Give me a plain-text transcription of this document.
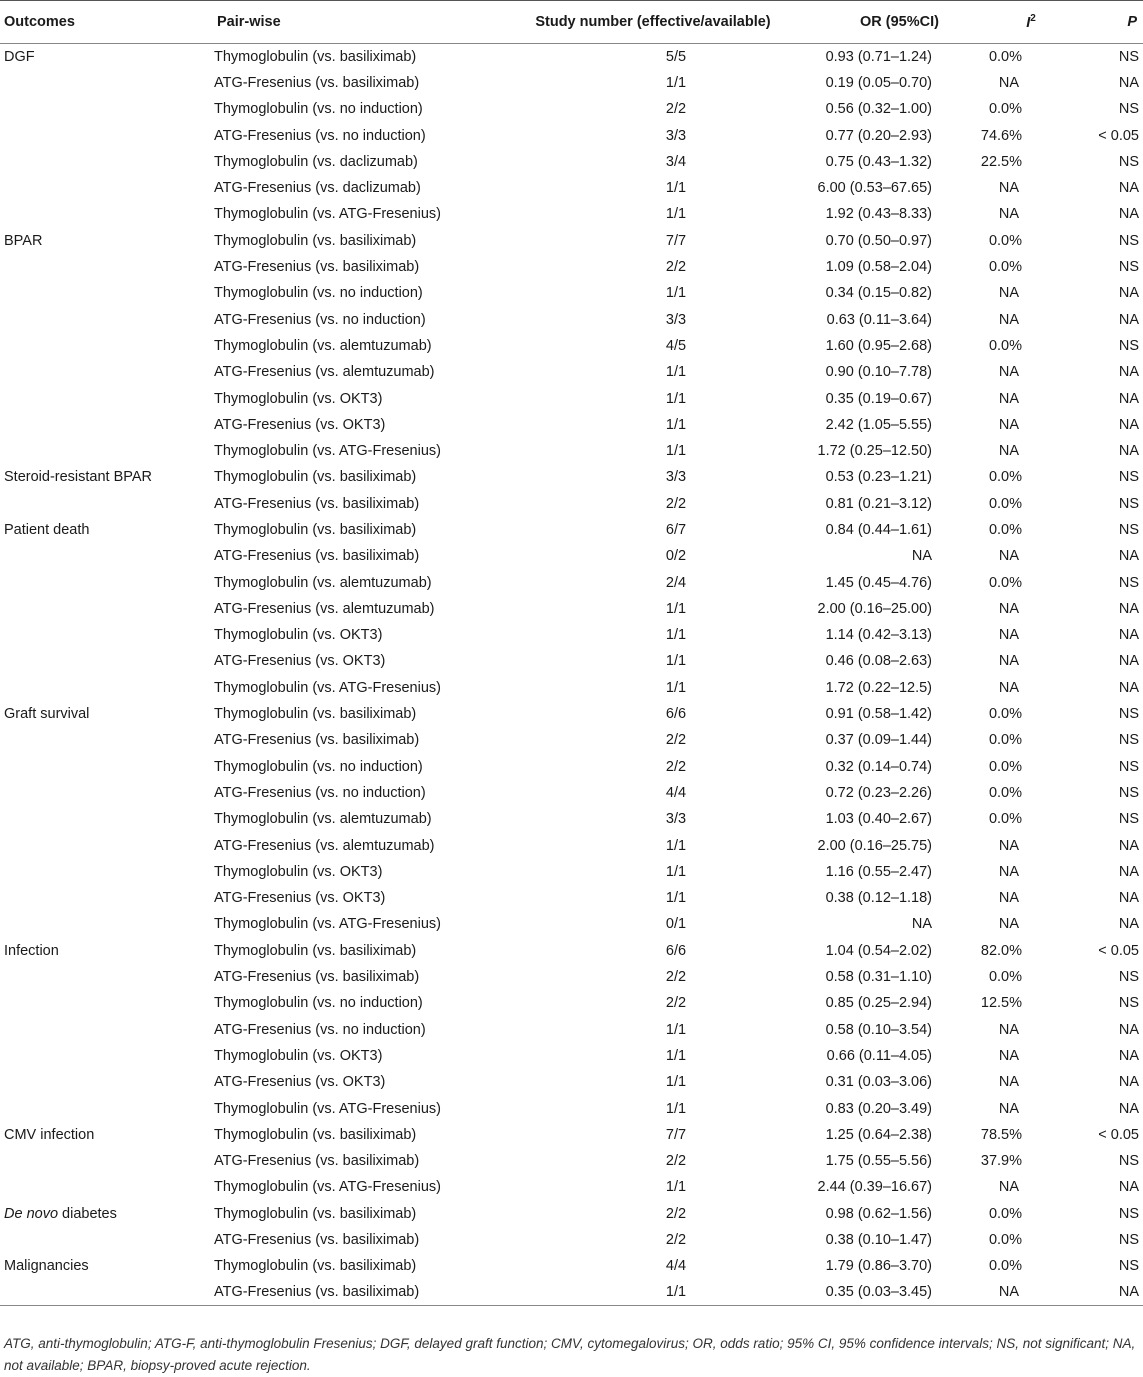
Outcomes	Pair-wise	Study number (effective/available)	OR (95%CI)	$I^2$	P
DGF	Thymoglobulin (vs. basiliximab)	5/5	0.93 (0.71–1.24)	0.0%	NS
	ATG-Fresenius (vs. basiliximab)	1/1	0.19 (0.05–0.70)	NA	NA
	Thymoglobulin (vs. no induction)	2/2	0.56 (0.32–1.00)	0.0%	NS
	ATG-Fresenius (vs. no induction)	3/3	0.77 (0.20–2.93)	74.6%	< 0.05
	Thymoglobulin (vs. daclizumab)	3/4	0.75 (0.43–1.32)	22.5%	NS
	ATG-Fresenius (vs. daclizumab)	1/1	6.00 (0.53–67.65)	NA	NA
	Thymoglobulin (vs. ATG-Fresenius)	1/1	1.92 (0.43–8.33)	NA	NA
BPAR	Thymoglobulin (vs. basiliximab)	7/7	0.70 (0.50–0.97)	0.0%	NS
	ATG-Fresenius (vs. basiliximab)	2/2	1.09 (0.58–2.04)	0.0%	NS
	Thymoglobulin (vs. no induction)	1/1	0.34 (0.15–0.82)	NA	NA
	ATG-Fresenius (vs. no induction)	3/3	0.63 (0.11–3.64)	NA	NA
	Thymoglobulin (vs. alemtuzumab)	4/5	1.60 (0.95–2.68)	0.0%	NS
	ATG-Fresenius (vs. alemtuzumab)	1/1	0.90 (0.10–7.78)	NA	NA
	Thymoglobulin (vs. OKT3)	1/1	0.35 (0.19–0.67)	NA	NA
	ATG-Fresenius (vs. OKT3)	1/1	2.42 (1.05–5.55)	NA	NA
	Thymoglobulin (vs. ATG-Fresenius)	1/1	1.72 (0.25–12.50)	NA	NA
Steroid-resistant BPAR	Thymoglobulin (vs. basiliximab)	3/3	0.53 (0.23–1.21)	0.0%	NS
	ATG-Fresenius (vs. basiliximab)	2/2	0.81 (0.21–3.12)	0.0%	NS
Patient death	Thymoglobulin (vs. basiliximab)	6/7	0.84 (0.44–1.61)	0.0%	NS
	ATG-Fresenius (vs. basiliximab)	0/2	NA	NA	NA
	Thymoglobulin (vs. alemtuzumab)	2/4	1.45 (0.45–4.76)	0.0%	NS
	ATG-Fresenius (vs. alemtuzumab)	1/1	2.00 (0.16–25.00)	NA	NA
	Thymoglobulin (vs. OKT3)	1/1	1.14 (0.42–3.13)	NA	NA
	ATG-Fresenius (vs. OKT3)	1/1	0.46 (0.08–2.63)	NA	NA
	Thymoglobulin (vs. ATG-Fresenius)	1/1	1.72 (0.22–12.5)	NA	NA
Graft survival	Thymoglobulin (vs. basiliximab)	6/6	0.91 (0.58–1.42)	0.0%	NS
	ATG-Fresenius (vs. basiliximab)	2/2	0.37 (0.09–1.44)	0.0%	NS
	Thymoglobulin (vs. no induction)	2/2	0.32 (0.14–0.74)	0.0%	NS
	ATG-Fresenius (vs. no induction)	4/4	0.72 (0.23–2.26)	0.0%	NS
	Thymoglobulin (vs. alemtuzumab)	3/3	1.03 (0.40–2.67)	0.0%	NS
	ATG-Fresenius (vs. alemtuzumab)	1/1	2.00 (0.16–25.75)	NA	NA
	Thymoglobulin (vs. OKT3)	1/1	1.16 (0.55–2.47)	NA	NA
	ATG-Fresenius (vs. OKT3)	1/1	0.38 (0.12–1.18)	NA	NA
	Thymoglobulin (vs. ATG-Fresenius)	0/1	NA	NA	NA
Infection	Thymoglobulin (vs. basiliximab)	6/6	1.04 (0.54–2.02)	82.0%	< 0.05
	ATG-Fresenius (vs. basiliximab)	2/2	0.58 (0.31–1.10)	0.0%	NS
	Thymoglobulin (vs. no induction)	2/2	0.85 (0.25–2.94)	12.5%	NS
	ATG-Fresenius (vs. no induction)	1/1	0.58 (0.10–3.54)	NA	NA
	Thymoglobulin (vs. OKT3)	1/1	0.66 (0.11–4.05)	NA	NA
	ATG-Fresenius (vs. OKT3)	1/1	0.31 (0.03–3.06)	NA	NA
	Thymoglobulin (vs. ATG-Fresenius)	1/1	0.83 (0.20–3.49)	NA	NA
CMV infection	Thymoglobulin (vs. basiliximab)	7/7	1.25 (0.64–2.38)	78.5%	< 0.05
	ATG-Fresenius (vs. basiliximab)	2/2	1.75 (0.55–5.56)	37.9%	NS
	Thymoglobulin (vs. ATG-Fresenius)	1/1	2.44 (0.39–16.67)	NA	NA
De novo diabetes	Thymoglobulin (vs. basiliximab)	2/2	0.98 (0.62–1.56)	0.0%	NS
	ATG-Fresenius (vs. basiliximab)	2/2	0.38 (0.10–1.47)	0.0%	NS
Malignancies	Thymoglobulin (vs. basiliximab)	4/4	1.79 (0.86–3.70)	0.0%	NS
	ATG-Fresenius (vs. basiliximab)	1/1	0.35 (0.03–3.45)	NA	NA
ATG, anti-thymoglobulin; ATG-F, anti-thymoglobulin Fresenius; DGF, delayed graft function; CMV, cytomegalovirus; OR, odds ratio; 95% CI, 95% confidence intervals; NS, not significant; NA, not available; BPAR, biopsy-proved acute rejection.
